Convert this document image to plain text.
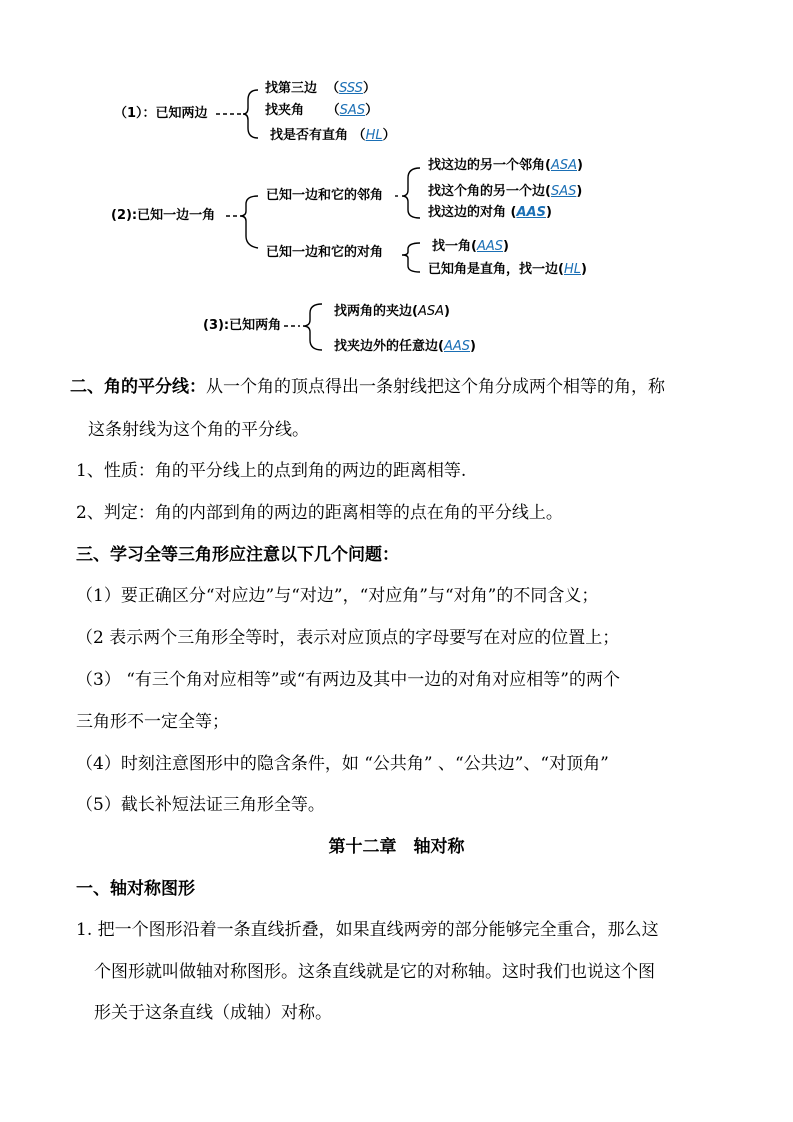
（1）：已知两边
找第三边 （SSS）
找夹角 （SAS）
找是否有直角 （HL）
(2):已知一边一角
已知一边和它的邻角
已知一边和它的对角
找这边的另一个邻角(ASA)
找这个角的另一个边(SAS)
找这边的对角 (AAS)
找一角(AAS)
已知角是直角，找一边(HL)
(3):已知两角
找两角的夹边(ASA)
找夹边外的任意边(AAS)
二、角的平分线：从一个角的顶点得出一条射线把这个角分成两个相等的角，称
这条射线为这个角的平分线。
1、性质：角的平分线上的点到角的两边的距离相等.
2、判定：角的内部到角的两边的距离相等的点在角的平分线上。
三、学习全等三角形应注意以下几个问题：
（1）要正确区分“对应边”与“对边”，“对应角”与“对角”的不同含义；
（2 表示两个三角形全等时，表示对应顶点的字母要写在对应的位置上；
（3） “有三个角对应相等”或“有两边及其中一边的对角对应相等”的两个
三角形不一定全等；
（4）时刻注意图形中的隐含条件，如 “公共角” 、“公共边”、“对顶角”
（5）截长补短法证三角形全等。
第十二章　轴对称
一、轴对称图形
1. 把一个图形沿着一条直线折叠，如果直线两旁的部分能够完全重合，那么这
个图形就叫做轴对称图形。这条直线就是它的对称轴。这时我们也说这个图
形关于这条直线（成轴）对称。
